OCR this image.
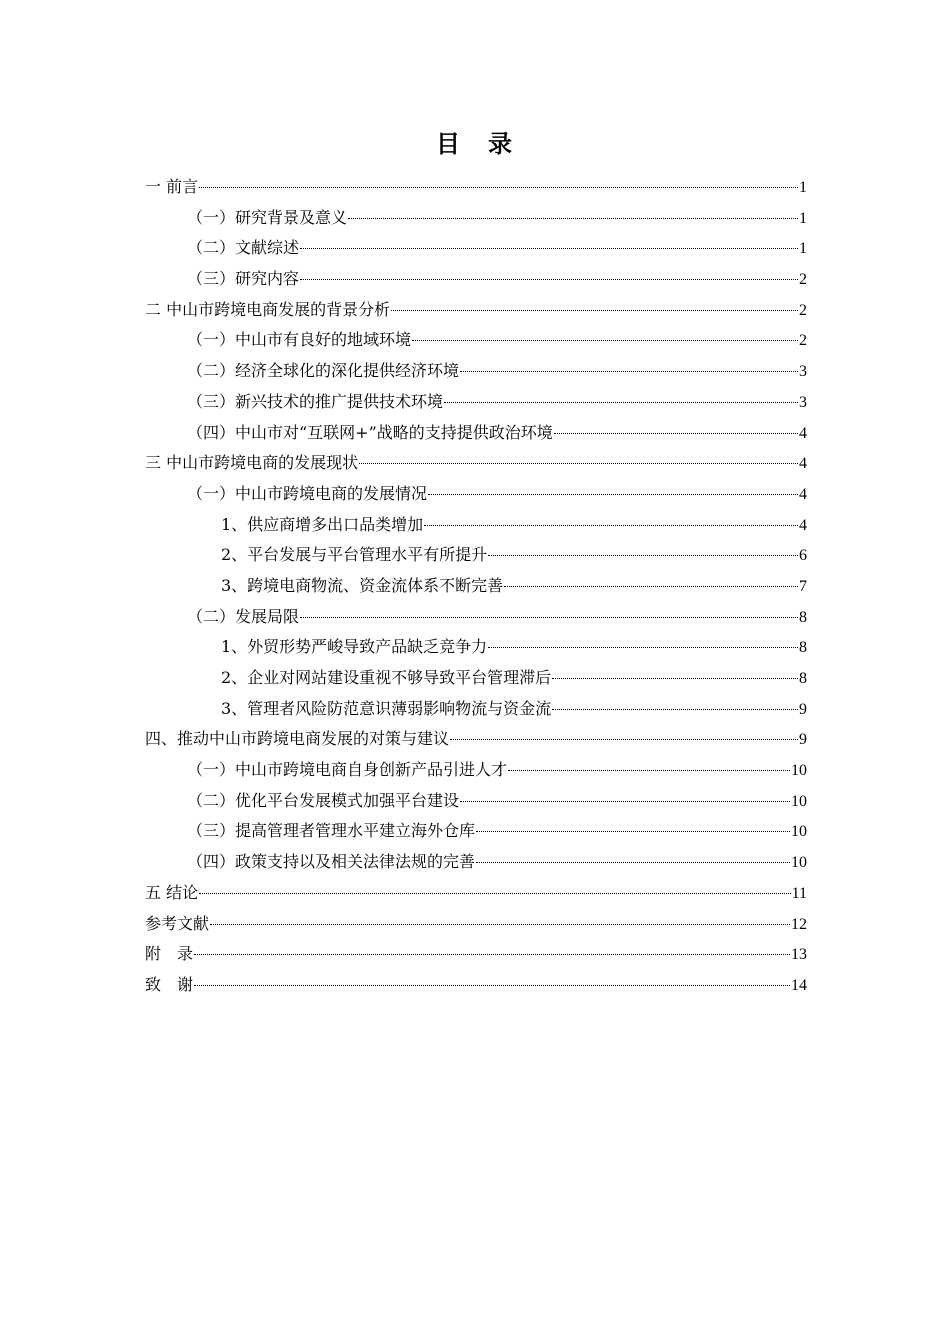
目　录
一 前言	1
（一）研究背景及意义	1
（二）文献综述	1
（三）研究内容	2
二 中山市跨境电商发展的背景分析	2
（一）中山市有良好的地域环境	2
（二）经济全球化的深化提供经济环境	3
（三）新兴技术的推广提供技术环境	3
（四）中山市对“互联网+”战略的支持提供政治环境	4
三 中山市跨境电商的发展现状	4
（一）中山市跨境电商的发展情况	4
1、供应商增多出口品类增加	4
2、平台发展与平台管理水平有所提升	6
3、跨境电商物流、资金流体系不断完善	7
（二）发展局限	8
1、外贸形势严峻导致产品缺乏竞争力	8
2、企业对网站建设重视不够导致平台管理滞后	8
3、管理者风险防范意识薄弱影响物流与资金流	9
四、推动中山市跨境电商发展的对策与建议	9
（一）中山市跨境电商自身创新产品引进人才	10
（二）优化平台发展模式加强平台建设	10
（三）提高管理者管理水平建立海外仓库	10
（四）政策支持以及相关法律法规的完善	10
五 结论	11
参考文献	12
附　录	13
致　谢	14
